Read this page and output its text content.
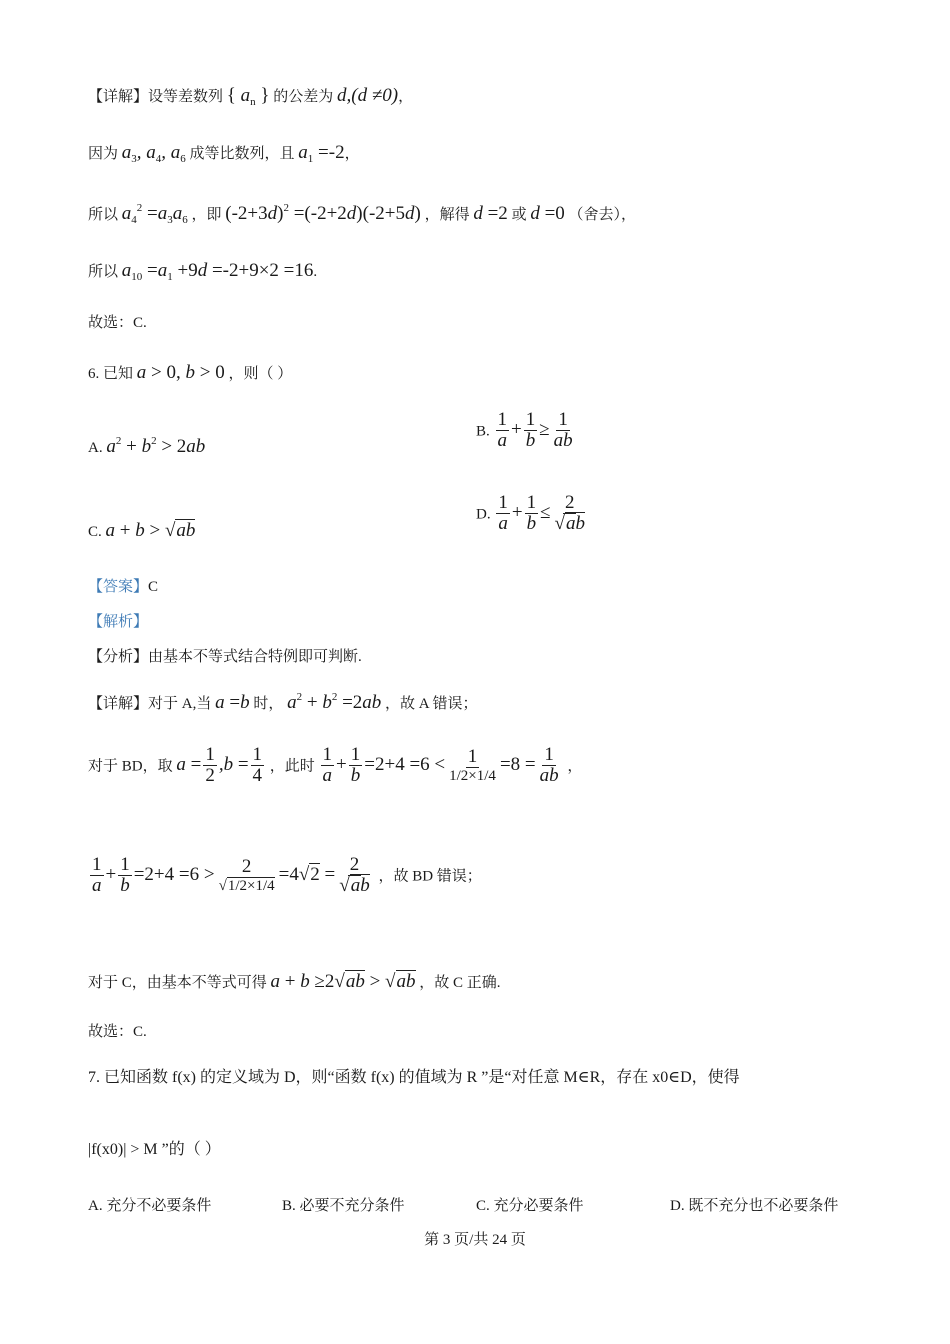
【详解】设等差数列 { $a_n$ } 的公差为 d,(d ≠0)，
因为 $a_3$, $a_4$, $a_6$ 成等比数列，且 $a_1 =-2$，
所以 $a_4^2 =a_3a_6$ ，即 $(-2+3d)^2 =(-2+2d)(-2+5d)$ ，解得 d =2 或 d =0 （舍去），
所以 $a_{10} =a_1 +9d =-2+9\times 2 =16$.
故选：C.
6. 已知 a > 0, b > 0 ，则（ ）
A. $a^2 + b^2 > 2ab$
B. $\frac{1}{a} + \frac{1}{b} \ge \frac{1}{ab}$
C. a + b > √ab
D. $\frac{1}{a} + \frac{1}{b} \le \frac{2}{√ab}$
【答案】C
【解析】
【分析】由基本不等式结合特例即可判断.
【详解】对于 A,当 a =b 时， $a^2 + b^2 =2ab$ ，故 A 错误；
对于 BD，取 $a = \frac{1}{2} ,b = \frac{1}{4}$ ，此时 $\frac{1}{a} + \frac{1}{b} =2+4 =6 < \frac{1}{1/2\times 1/4} =8 = \frac{1}{ab}$ ，
$\frac{1}{a} + \frac{1}{b} =2+4 =6 > \frac{2}{√1/2\times 1/4} =4√2 = \frac{2}{√ab}$ ，故 BD 错误；
对于 C，由基本不等式可得 a + b ≥2√ab > √ab ，故 C 正确.
故选：C.
7. 已知函数 f(x) 的定义域为 D，则“函数 f(x) 的值域为 R ”是“对任意 M∈R，存在 x0∈D，使得
|f(x0)| > M ”的（ ）
A. 充分不必要条件	B. 必要不充分条件	C. 充分必要条件	D. 既不充分也不必要条件
第 3 页/共 24 页
